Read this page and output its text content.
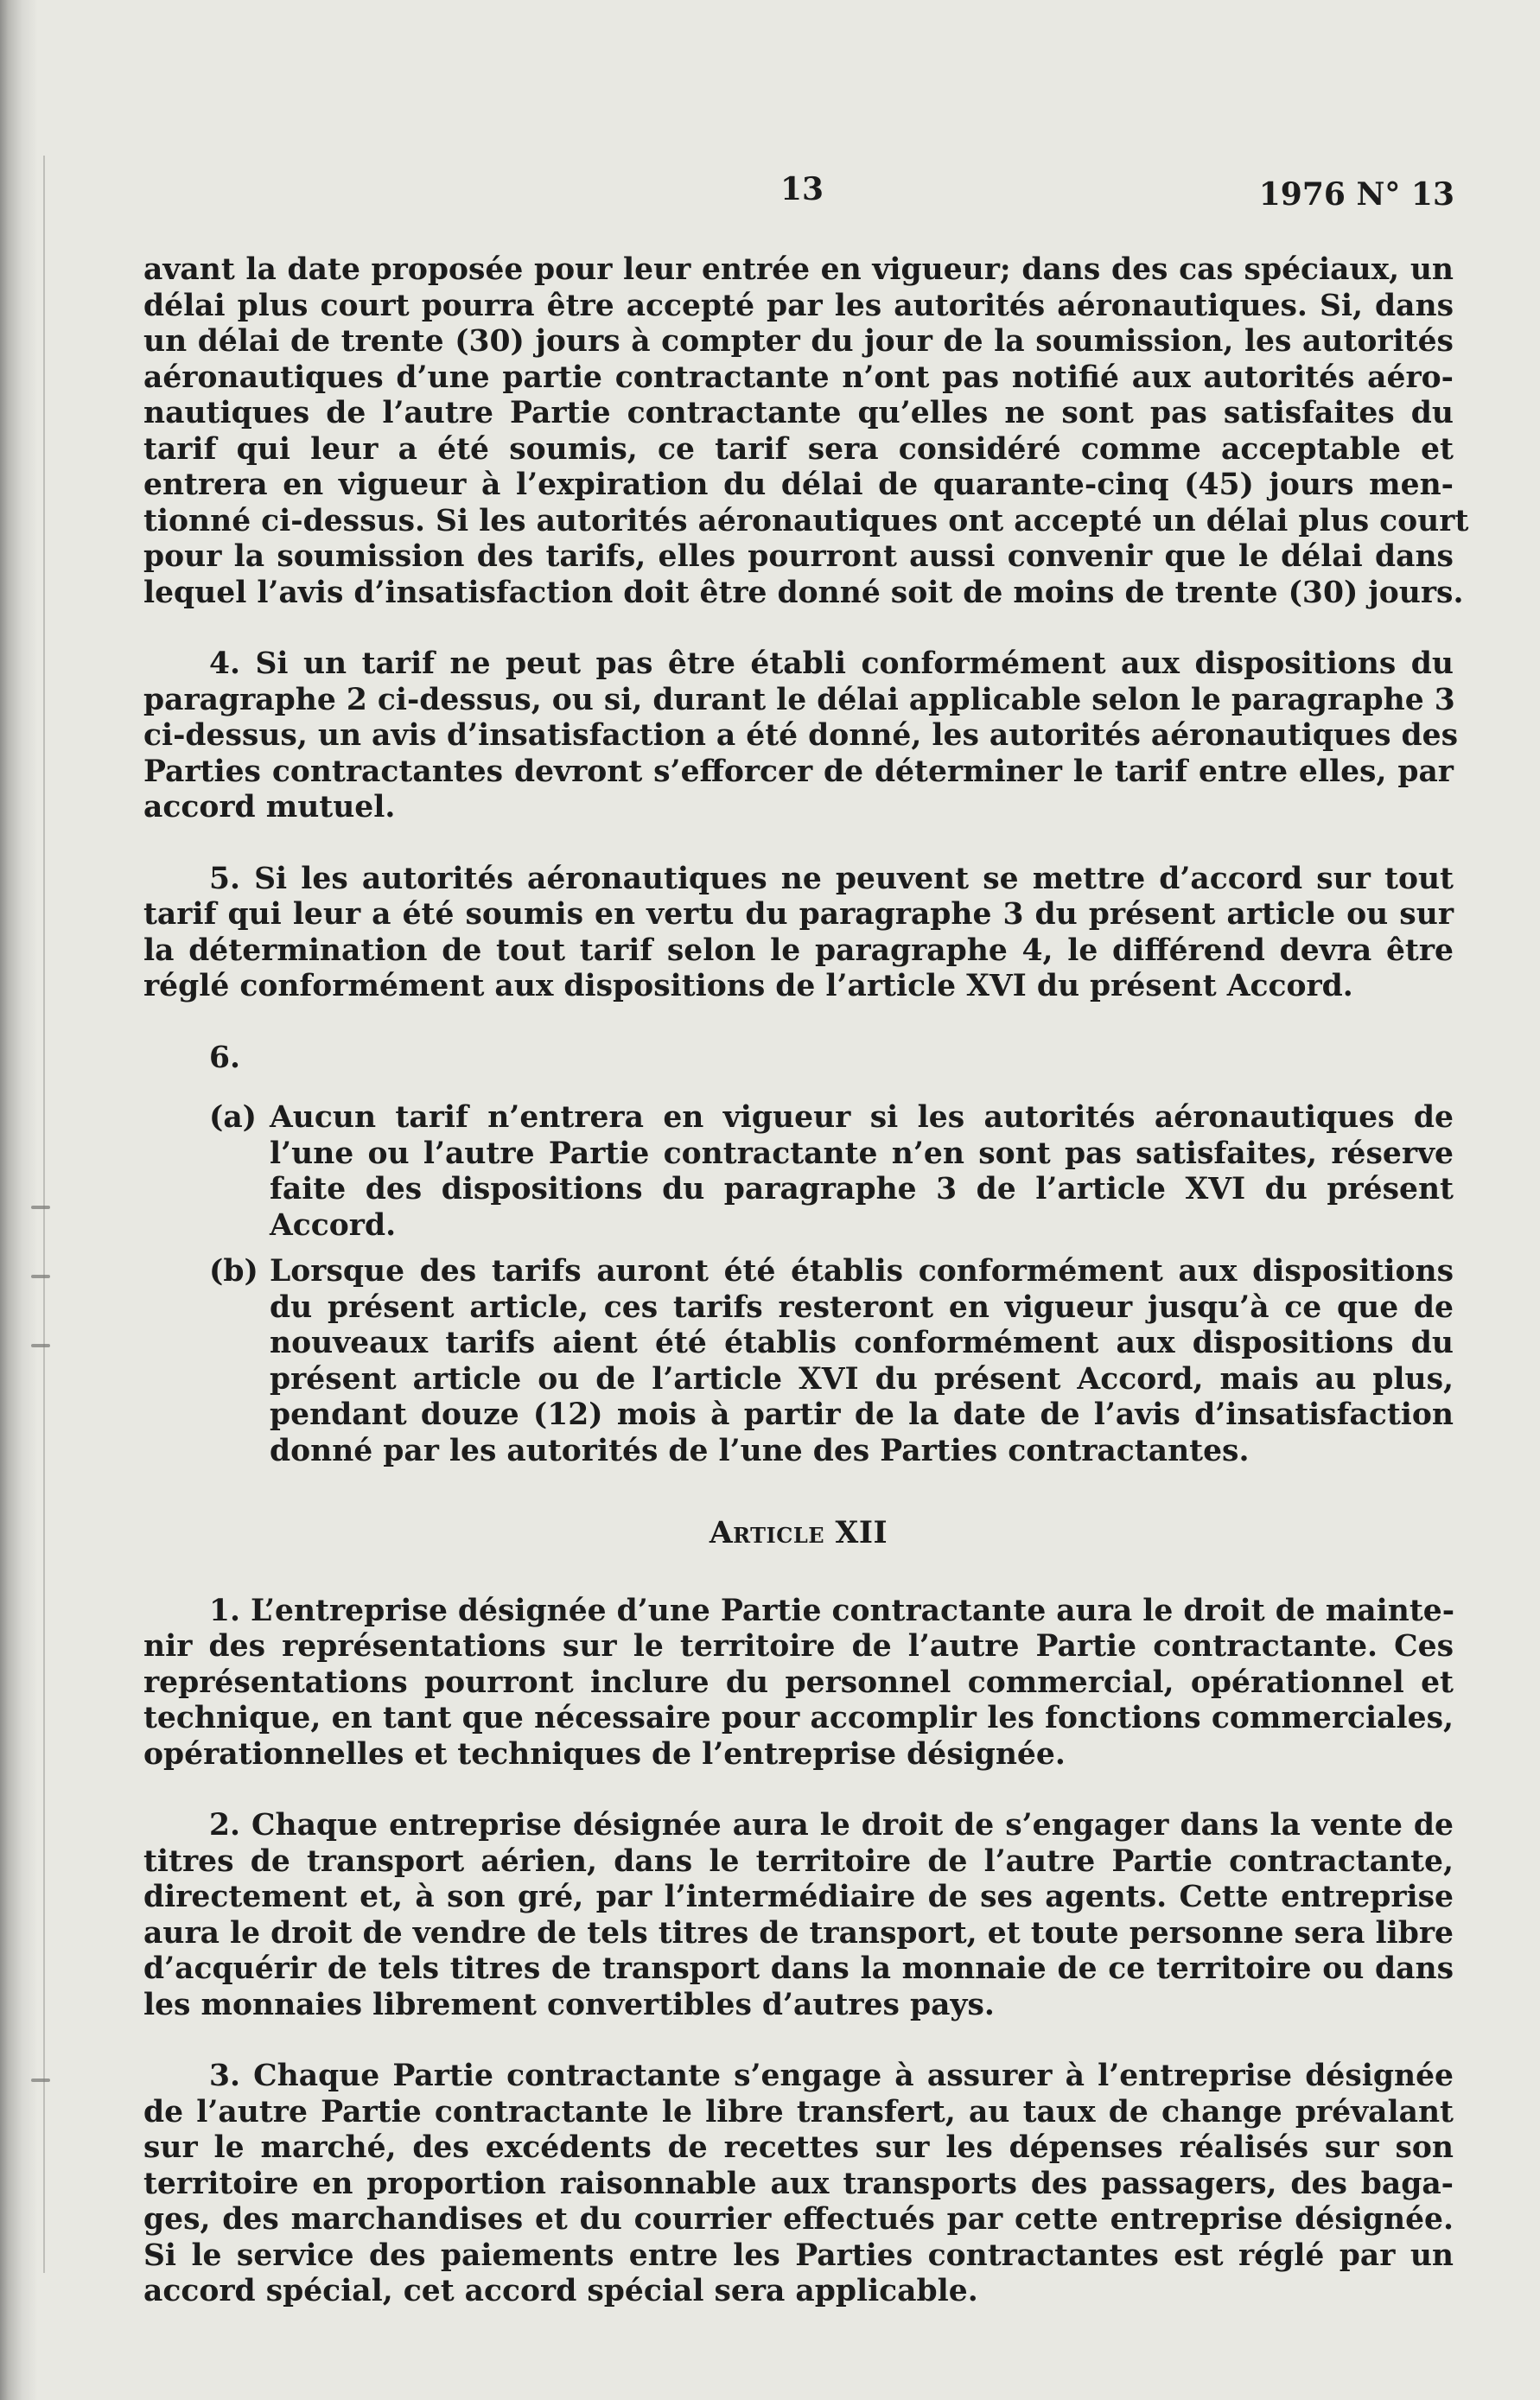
13	1976 N° 13
avant la date proposée pour leur entrée en vigueur; dans des cas spéciaux, un
délai plus court pourra être accepté par les autorités aéronautiques. Si, dans
un délai de trente (30) jours à compter du jour de la soumission, les autorités
aéronautiques d’une partie contractante n’ont pas notifié aux autorités aéro-
nautiques de l’autre Partie contractante qu’elles ne sont pas satisfaites du
tarif qui leur a été soumis, ce tarif sera considéré comme acceptable et
entrera en vigueur à l’expiration du délai de quarante-cinq (45) jours men-
tionné ci-dessus. Si les autorités aéronautiques ont accepté un délai plus court
pour la soumission des tarifs, elles pourront aussi convenir que le délai dans
lequel l’avis d’insatisfaction doit être donné soit de moins de trente (30) jours.
4. Si un tarif ne peut pas être établi conformément aux dispositions du
paragraphe 2 ci-dessus, ou si, durant le délai applicable selon le paragraphe 3
ci-dessus, un avis d’insatisfaction a été donné, les autorités aéronautiques des
Parties contractantes devront s’efforcer de déterminer le tarif entre elles, par
accord mutuel.
5. Si les autorités aéronautiques ne peuvent se mettre d’accord sur tout
tarif qui leur a été soumis en vertu du paragraphe 3 du présent article ou sur
la détermination de tout tarif selon le paragraphe 4, le différend devra être
réglé conformément aux dispositions de l’article XVI du présent Accord.
6.
(a) Aucun tarif n’entrera en vigueur si les autorités aéronautiques de
l’une ou l’autre Partie contractante n’en sont pas satisfaites, réserve
faite des dispositions du paragraphe 3 de l’article XVI du présent
Accord.
(b) Lorsque des tarifs auront été établis conformément aux dispositions
du présent article, ces tarifs resteront en vigueur jusqu’à ce que de
nouveaux tarifs aient été établis conformément aux dispositions du
présent article ou de l’article XVI du présent Accord, mais au plus,
pendant douze (12) mois à partir de la date de l’avis d’insatisfaction
donné par les autorités de l’une des Parties contractantes.

Article XII

1. L’entreprise désignée d’une Partie contractante aura le droit de mainte-
nir des représentations sur le territoire de l’autre Partie contractante. Ces
représentations pourront inclure du personnel commercial, opérationnel et
technique, en tant que nécessaire pour accomplir les fonctions commerciales,
opérationnelles et techniques de l’entreprise désignée.
2. Chaque entreprise désignée aura le droit de s’engager dans la vente de
titres de transport aérien, dans le territoire de l’autre Partie contractante,
directement et, à son gré, par l’intermédiaire de ses agents. Cette entreprise
aura le droit de vendre de tels titres de transport, et toute personne sera libre
d’acquérir de tels titres de transport dans la monnaie de ce territoire ou dans
les monnaies librement convertibles d’autres pays.
3. Chaque Partie contractante s’engage à assurer à l’entreprise désignée
de l’autre Partie contractante le libre transfert, au taux de change prévalant
sur le marché, des excédents de recettes sur les dépenses réalisés sur son
territoire en proportion raisonnable aux transports des passagers, des baga-
ges, des marchandises et du courrier effectués par cette entreprise désignée.
Si le service des paiements entre les Parties contractantes est réglé par un
accord spécial, cet accord spécial sera applicable.
